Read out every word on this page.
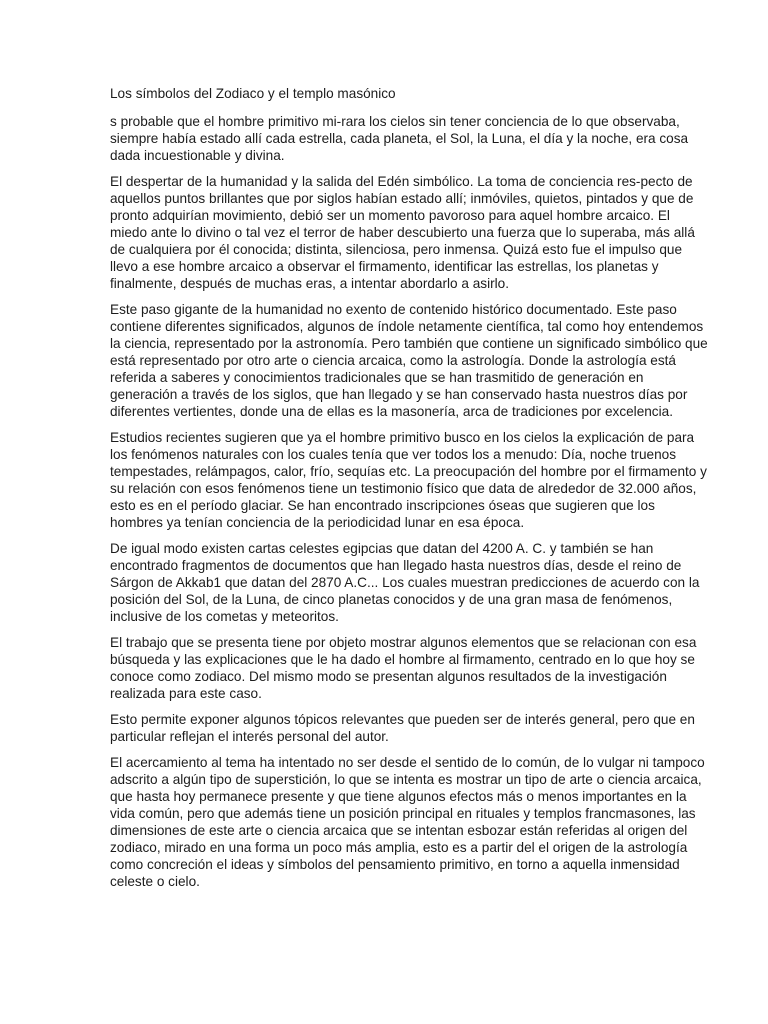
Los símbolos del Zodiaco y el templo masónico

s probable que el hombre primitivo mi-rara los cielos sin tener conciencia de lo que observaba, siempre había estado allí cada estrella, cada planeta, el Sol, la Luna, el día y la noche, era cosa dada incuestionable y divina.

El despertar de la humanidad y la salida del Edén simbólico. La toma de conciencia res-pecto de aquellos puntos brillantes que por siglos habían estado allí; inmóviles, quietos, pintados y que de pronto adquirían movimiento, debió ser un momento pavoroso para aquel hombre arcaico. El miedo ante lo divino o tal vez el terror de haber descubierto una fuerza que lo superaba, más allá de cualquiera por él conocida; distinta, silenciosa, pero inmensa. Quizá esto fue el impulso que llevo a ese hombre arcaico a observar el firmamento, identificar las estrellas, los planetas y finalmente, después de muchas eras, a intentar abordarlo a asirlo.

Este paso gigante de la humanidad no exento de contenido histórico documentado. Este paso contiene diferentes significados, algunos de índole netamente científica, tal como hoy entendemos la ciencia, representado por la astronomía. Pero también que contiene un significado simbólico que está representado por otro arte o ciencia arcaica, como la astrología. Donde la astrología está referida a saberes y conocimientos tradicionales que se han trasmitido de generación en generación a través de los siglos, que han llegado y se han conservado hasta nuestros días por diferentes vertientes, donde una de ellas es la masonería, arca de tradiciones por excelencia.

Estudios recientes sugieren que ya el hombre primitivo busco en los cielos la explicación de para los fenómenos naturales con los cuales tenía que ver todos los a menudo: Día, noche truenos tempestades, relámpagos, calor, frío, sequías etc. La preocupación del hombre por el firmamento y su relación con esos fenómenos tiene un testimonio físico que data de alrededor de 32.000 años, esto es en el período glaciar. Se han encontrado inscripciones óseas que sugieren que los hombres ya tenían conciencia de la periodicidad lunar en esa época.

De igual modo existen cartas celestes egipcias que datan del 4200 A. C. y también se han encontrado fragmentos de documentos que han llegado hasta nuestros días, desde el reino de Sárgon de Akkab1 que datan del 2870 A.C... Los cuales muestran predicciones de acuerdo con la posición del Sol, de la Luna, de cinco planetas conocidos y de una gran masa de fenómenos, inclusive de los cometas y meteoritos.

El trabajo que se presenta tiene por objeto mostrar algunos elementos que se relacionan con esa búsqueda y las explicaciones que le ha dado el hombre al firmamento, centrado en lo que hoy se conoce como zodiaco. Del mismo modo se presentan algunos resultados de la investigación realizada para este caso.

Esto permite exponer algunos tópicos relevantes que pueden ser de interés general, pero que en particular reflejan el interés personal del autor.

El acercamiento al tema ha intentado no ser desde el sentido de lo común, de lo vulgar ni tampoco adscrito a algún tipo de superstición, lo que se intenta es mostrar un tipo de arte o ciencia arcaica, que hasta hoy permanece presente y que tiene algunos efectos más o menos importantes en la vida común, pero que además tiene un posición principal en rituales y templos francmasones, las dimensiones de este arte o ciencia arcaica que se intentan esbozar están referidas al origen del zodiaco, mirado en una forma un poco más amplia, esto es a partir del el origen de la astrología como concreción el ideas y símbolos del pensamiento primitivo, en torno a aquella inmensidad celeste o cielo.
